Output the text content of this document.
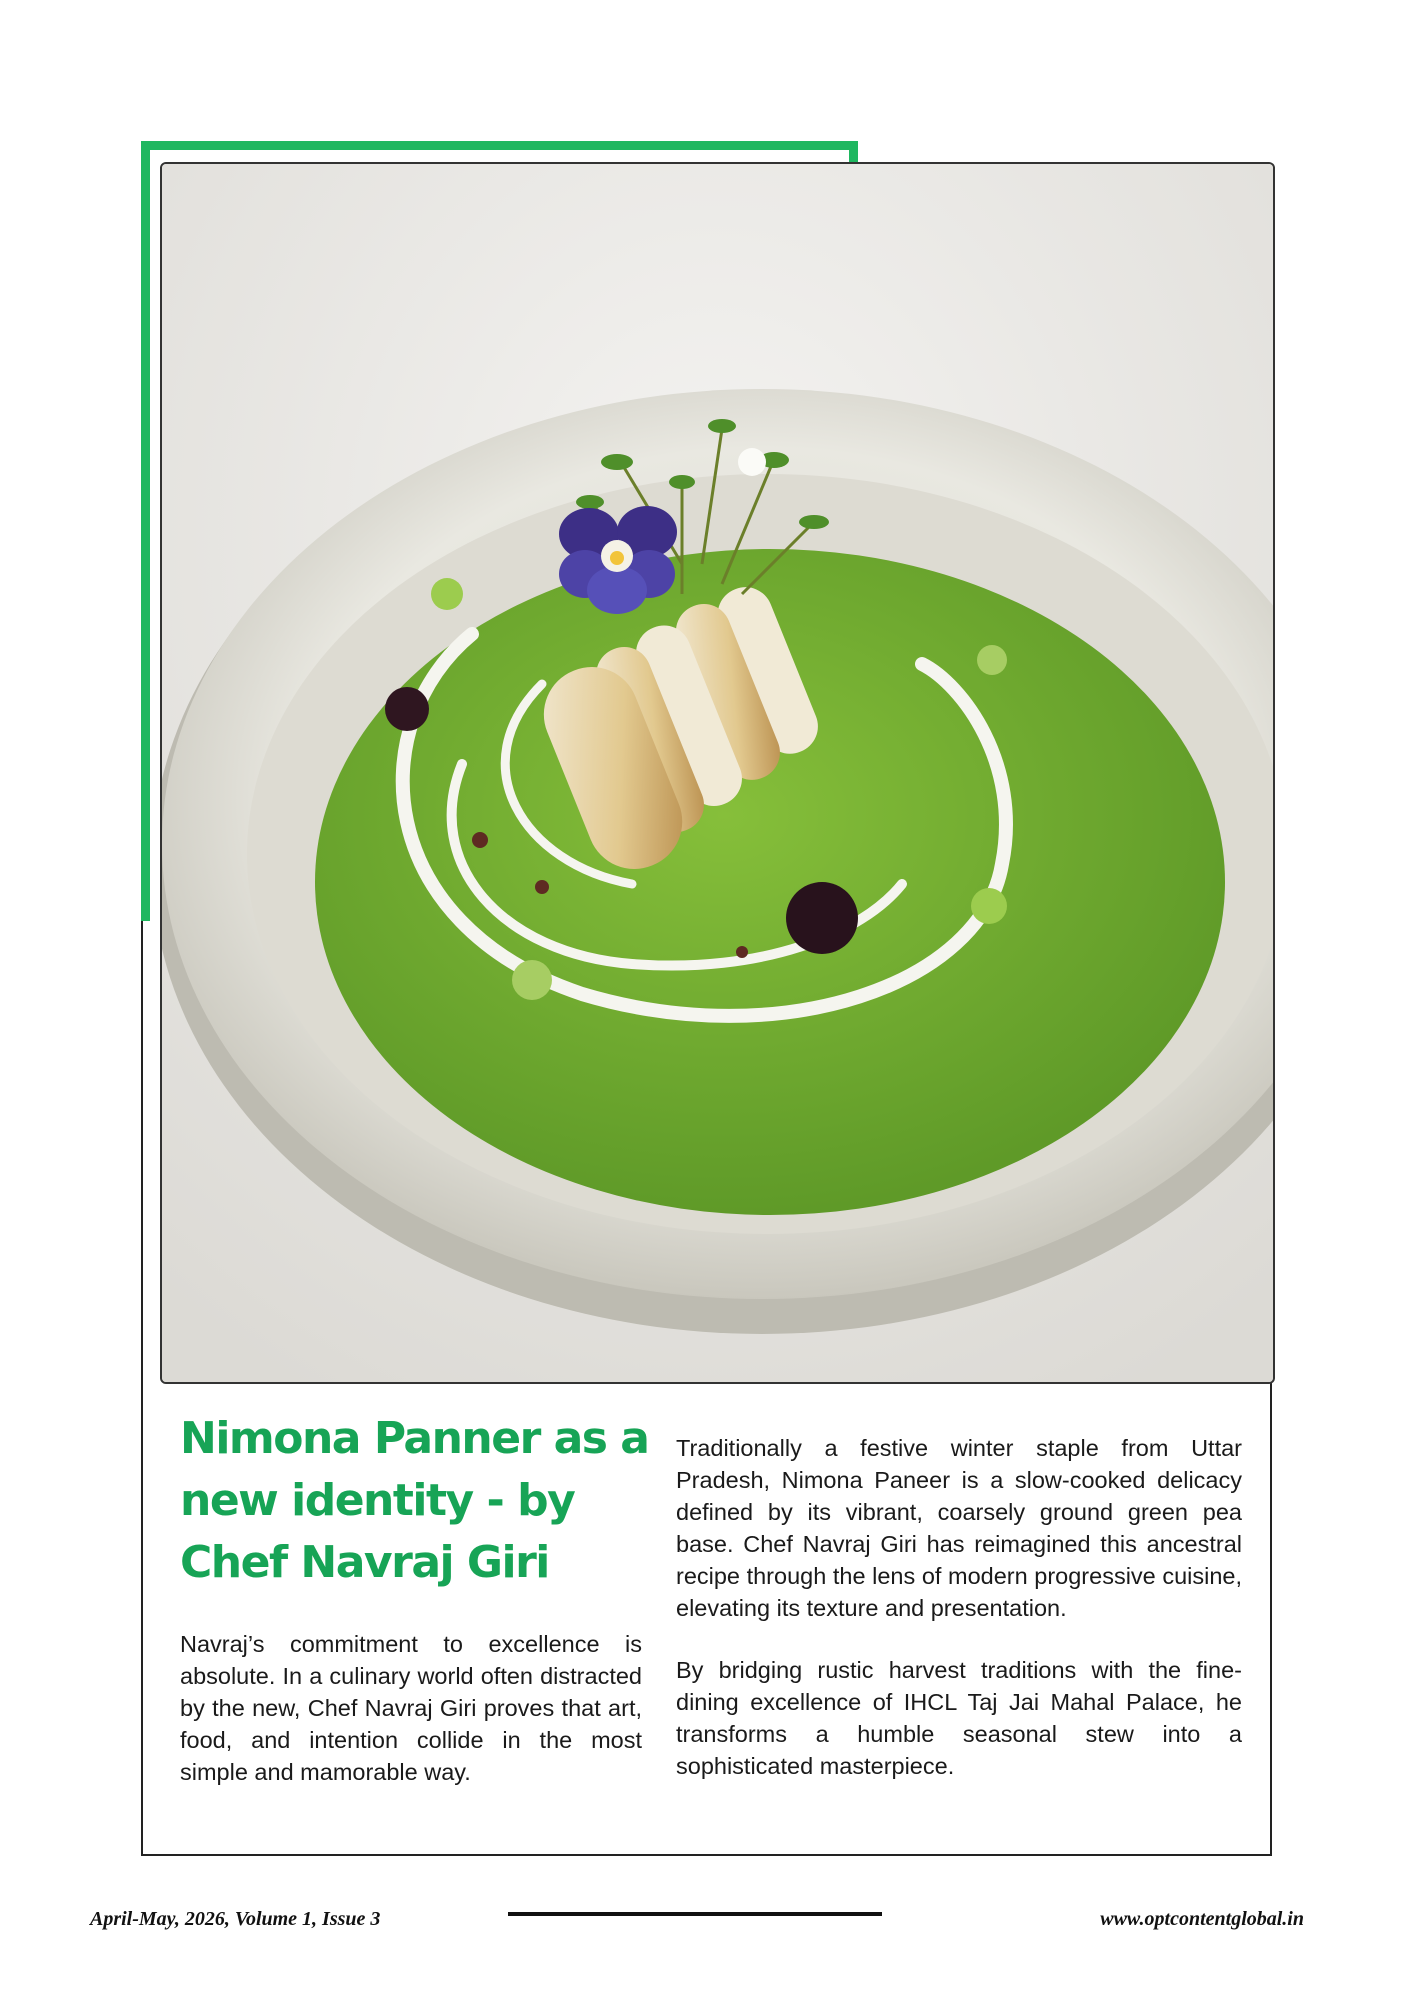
Nimona Panner as a new identity - by Chef Navraj Giri

Navraj’s commitment to excellence is absolute. In a culinary world often distracted by the new, Chef Navraj Giri proves that art, food, and intention collide in the most simple and mamorable way.

Traditionally a festive winter staple from Uttar Pradesh, Nimona Paneer is a slow-cooked delicacy defined by its vibrant, coarsely ground green pea base. Chef Navraj Giri has reimagined this ancestral recipe through the lens of modern progressive cuisine, elevating its texture and presentation.

By bridging rustic harvest traditions with the fine-dining excellence of IHCL Taj Jai Mahal Palace, he transforms a humble seasonal stew into a sophisticated masterpiece.

April-May, 2026, Volume 1, Issue 3	www.optcontentglobal.in
